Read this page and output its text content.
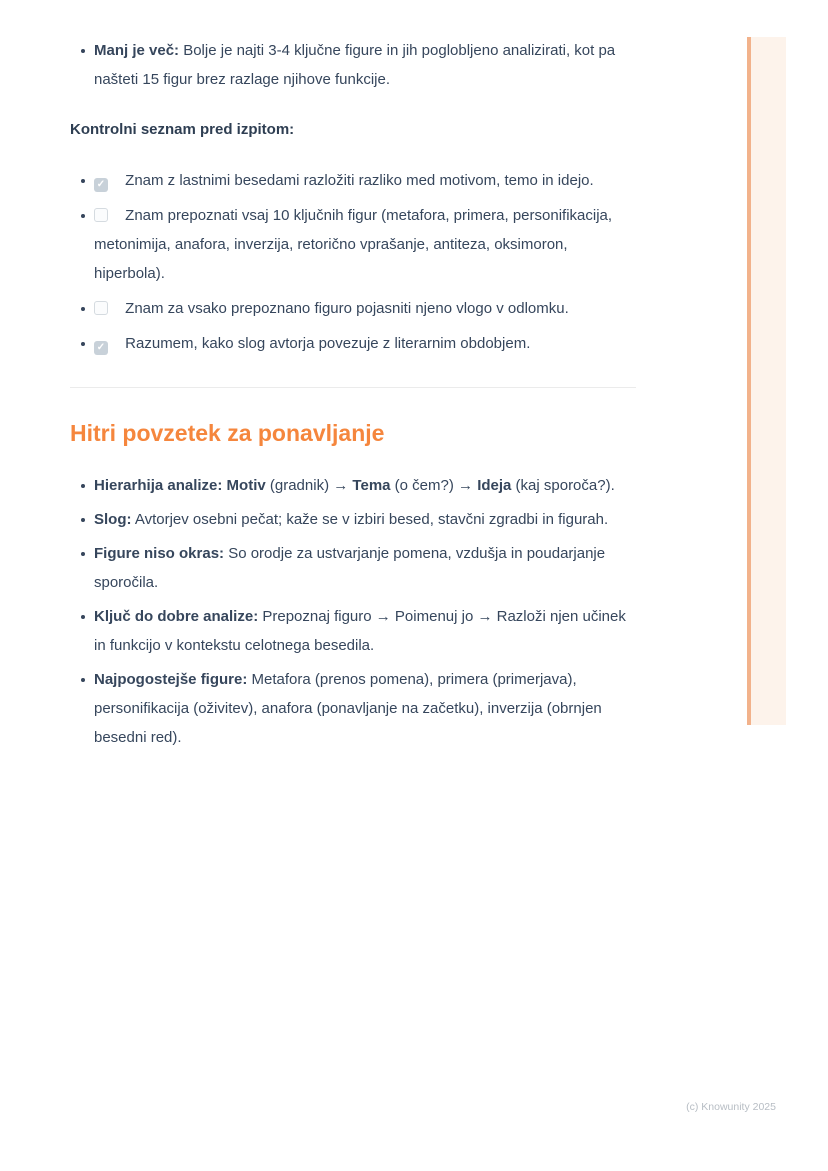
Manj je več: Bolje je najti 3-4 ključne figure in jih poglobljeno analizirati, kot pa našteti 15 figur brez razlage njihove funkcije.
Kontrolni seznam pred izpitom:
✓ Znam z lastnimi besedami razložiti razliko med motivom, temo in idejo.
Znam prepoznati vsaj 10 ključnih figur (metafora, primera, personifikacija, metonimija, anafora, inverzija, retorično vprašanje, antiteza, oksimoron, hiperbola).
Znam za vsako prepoznano figuro pojasniti njeno vlogo v odlomku.
✓ Razumem, kako slog avtorja povezuje z literarnim obdobjem.
Hitri povzetek za ponavljanje
Hierarhija analize: Motiv (gradnik) → Tema (o čem?) → Ideja (kaj sporoča?).
Slog: Avtorjev osebni pečat; kaže se v izbiri besed, stavčni zgradbi in figurah.
Figure niso okras: So orodje za ustvarjanje pomena, vzdušja in poudarjanje sporočila.
Ključ do dobre analize: Prepoznaj figuro → Poimenuj jo → Razloži njen učinek in funkcijo v kontekstu celotnega besedila.
Najpogostejše figure: Metafora (prenos pomena), primera (primerjava), personifikacija (oživitev), anafora (ponavljanje na začetku), inverzija (obrnjen besedni red).
(c) Knowunity 2025
